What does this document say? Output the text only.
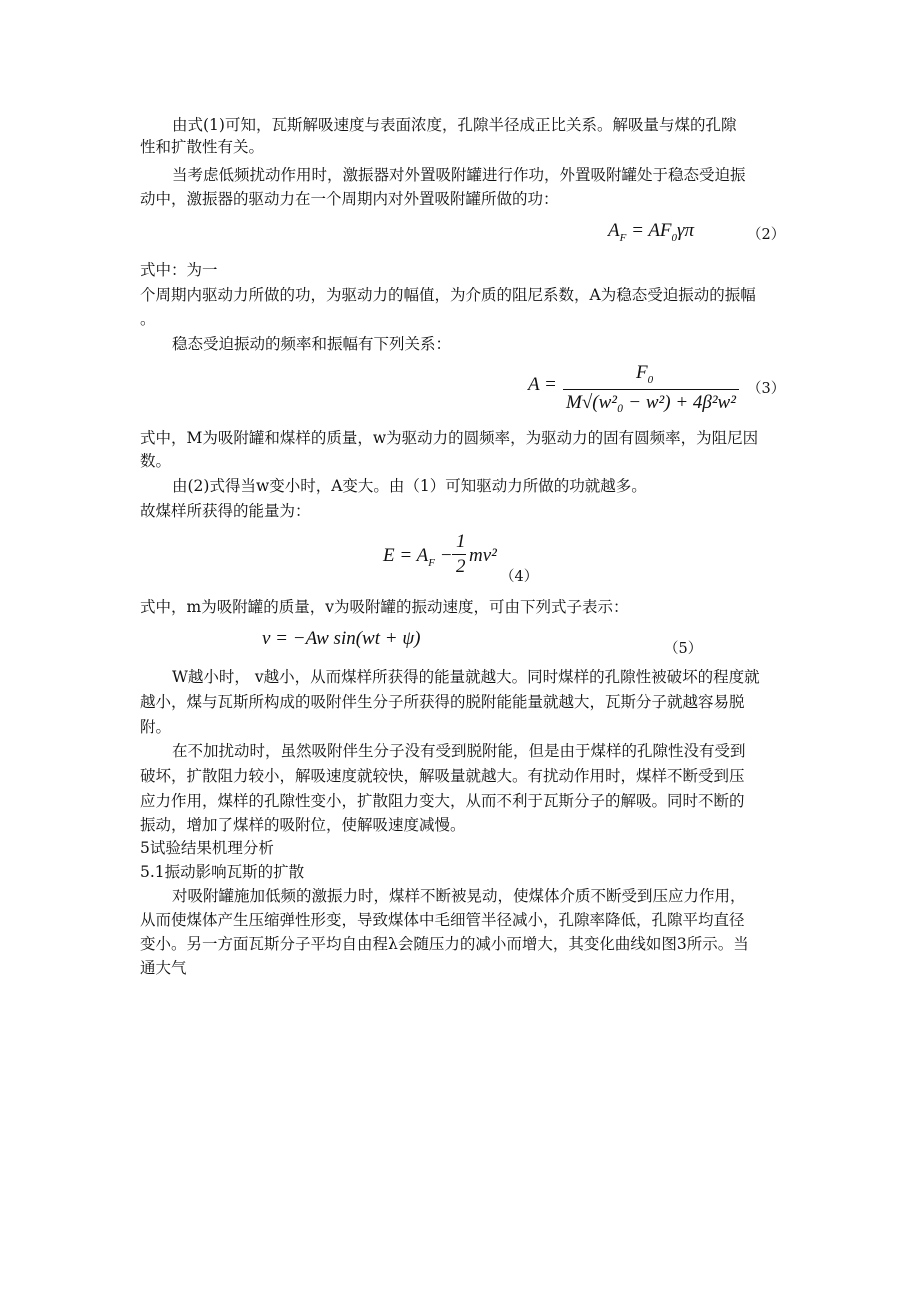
由式(1)可知，瓦斯解吸速度与表面浓度，孔隙半径成正比关系。解吸量与煤的孔隙
性和扩散性有关。
当考虑低频扰动作用时，激振器对外置吸附罐进行作功，外置吸附罐处于稳态受迫振
动中，激振器的驱动力在一个周期内对外置吸附罐所做的功：
$A_F = AF_0\gamma\pi$	（2）
式中：为一
个周期内驱动力所做的功，为驱动力的幅值，为介质的阻尼系数，A为稳态受迫振动的振幅
。
稳态受迫振动的频率和振幅有下列关系：
A =
$F_0$
M√(w²₀ − w²) + 4β²w²
（3）
式中，M为吸附罐和煤样的质量，w为驱动力的圆频率，为驱动力的固有圆频率，为阻尼因
数。
由(2)式得当w变小时，A变大。由（1）可知驱动力所做的功就越多。
故煤样所获得的能量为：
$E = A_F$ −
1
2
mv²
（4）
式中，m为吸附罐的质量，v为吸附罐的振动速度，可由下列式子表示：
v = −Aw sin(wt + ψ)	（5）
W越小时， v越小，从而煤样所获得的能量就越大。同时煤样的孔隙性被破坏的程度就
越小，煤与瓦斯所构成的吸附伴生分子所获得的脱附能能量就越大，瓦斯分子就越容易脱
附。
在不加扰动时，虽然吸附伴生分子没有受到脱附能，但是由于煤样的孔隙性没有受到
破坏，扩散阻力较小，解吸速度就较快，解吸量就越大。有扰动作用时，煤样不断受到压
应力作用，煤样的孔隙性变小，扩散阻力变大，从而不利于瓦斯分子的解吸。同时不断的
振动，增加了煤样的吸附位，使解吸速度减慢。
5试验结果机理分析
5.1振动影响瓦斯的扩散
对吸附罐施加低频的激振力时，煤样不断被晃动，使煤体介质不断受到压应力作用，
从而使煤体产生压缩弹性形变，导致煤体中毛细管半径减小，孔隙率降低，孔隙平均直径
变小。另一方面瓦斯分子平均自由程λ会随压力的减小而增大，其变化曲线如图3所示。当
通大气
